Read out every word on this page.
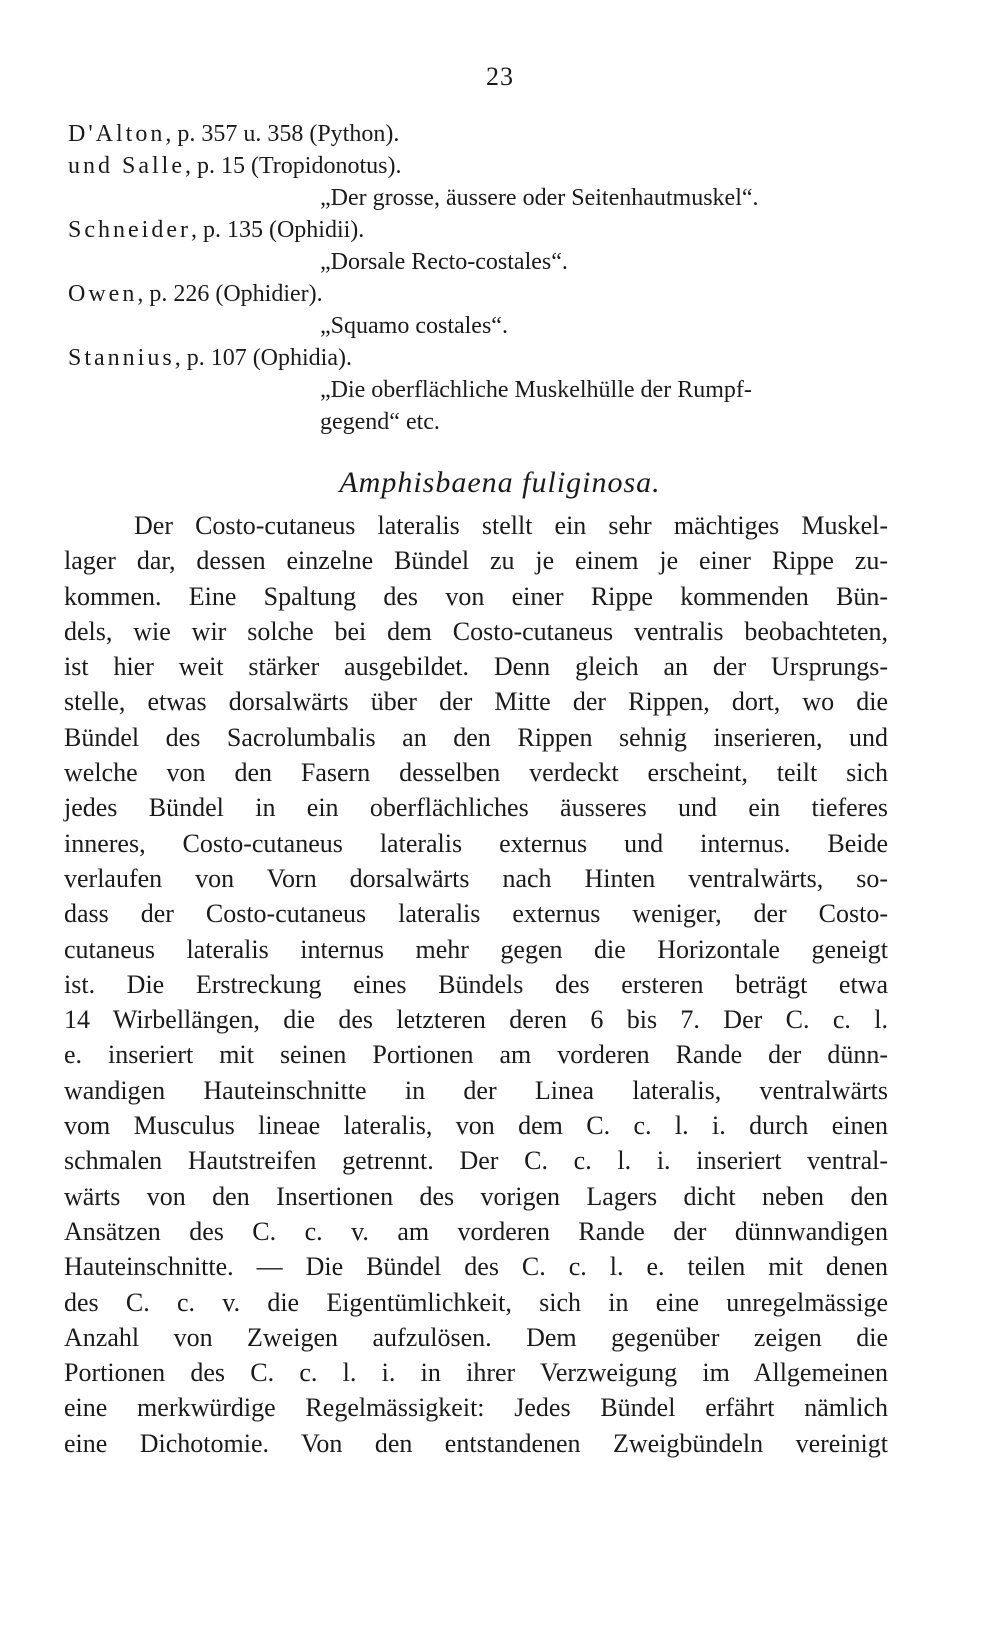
23
D'Alton, p. 357 u. 358 (Python).
und Salle, p. 15 (Tropidonotus).
„Der grosse, äussere oder Seitenhautmuskel“.
Schneider, p. 135 (Ophidii).
„Dorsale Recto-costales“.
Owen, p. 226 (Ophidier).
„Squamo costales“.
Stannius, p. 107 (Ophidia).
„Die oberflächliche Muskelhülle der Rumpf-
gegend“ etc.
Amphisbaena fuliginosa.
Der Costo-cutaneus lateralis stellt ein sehr mächtiges Muskel-
lager dar, dessen einzelne Bündel zu je einem je einer Rippe zu-
kommen. Eine Spaltung des von einer Rippe kommenden Bün-
dels, wie wir solche bei dem Costo-cutaneus ventralis beobachteten,
ist hier weit stärker ausgebildet. Denn gleich an der Ursprungs-
stelle, etwas dorsalwärts über der Mitte der Rippen, dort, wo die
Bündel des Sacrolumbalis an den Rippen sehnig inserieren, und
welche von den Fasern desselben verdeckt erscheint, teilt sich
jedes Bündel in ein oberflächliches äusseres und ein tieferes
inneres, Costo-cutaneus lateralis externus und internus. Beide
verlaufen von Vorn dorsalwärts nach Hinten ventralwärts, so-
dass der Costo-cutaneus lateralis externus weniger, der Costo-
cutaneus lateralis internus mehr gegen die Horizontale geneigt
ist. Die Erstreckung eines Bündels des ersteren beträgt etwa
14 Wirbellängen, die des letzteren deren 6 bis 7. Der C. c. l.
e. inseriert mit seinen Portionen am vorderen Rande der dünn-
wandigen Hauteinschnitte in der Linea lateralis, ventralwärts
vom Musculus lineae lateralis, von dem C. c. l. i. durch einen
schmalen Hautstreifen getrennt. Der C. c. l. i. inseriert ventral-
wärts von den Insertionen des vorigen Lagers dicht neben den
Ansätzen des C. c. v. am vorderen Rande der dünnwandigen
Hauteinschnitte. — Die Bündel des C. c. l. e. teilen mit denen
des C. c. v. die Eigentümlichkeit, sich in eine unregelmässige
Anzahl von Zweigen aufzulösen. Dem gegenüber zeigen die
Portionen des C. c. l. i. in ihrer Verzweigung im Allgemeinen
eine merkwürdige Regelmässigkeit: Jedes Bündel erfährt nämlich
eine Dichotomie. Von den entstandenen Zweigbündeln vereinigt
